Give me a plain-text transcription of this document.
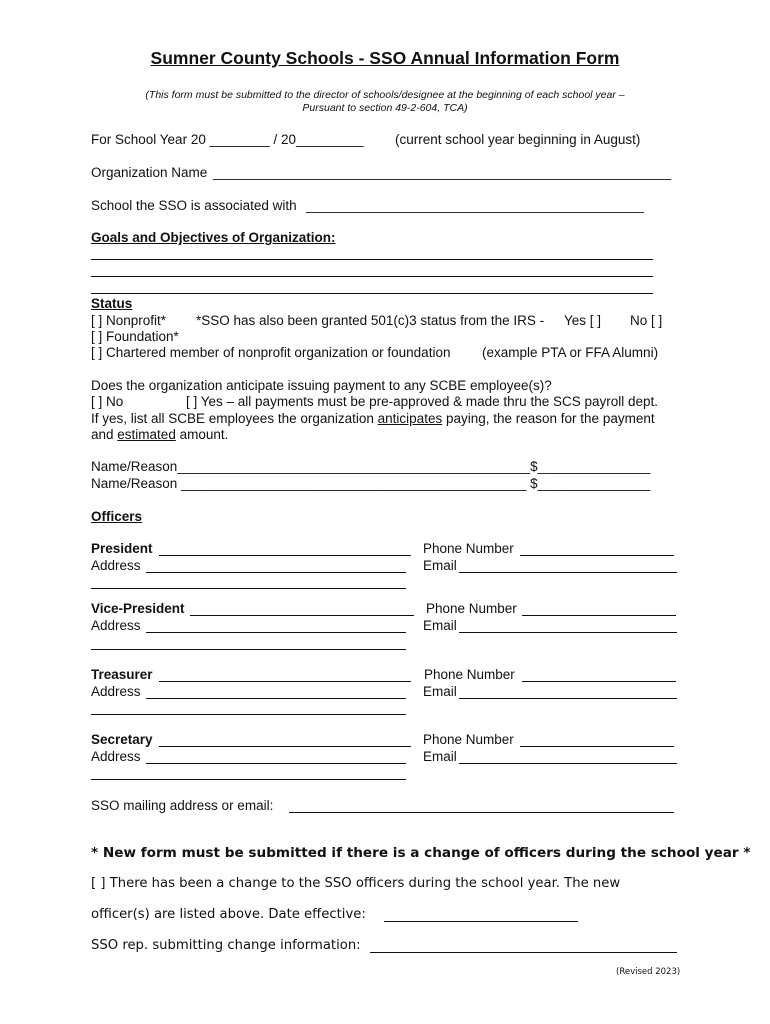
Sumner County Schools - SSO Annual Information Form
(This form must be submitted to the director of schools/designee at the beginning of each school year –
Pursuant to section 49-2-604, TCA)
For School Year 20 ________ / 20_________ (current school year beginning in August)
Organization Name _____________________________________________________________
School the SSO is associated with _____________________________________________
Goals and Objectives of Organization:
Status
[ ] Nonprofit* *SSO has also been granted 501(c)3 status from the IRS - Yes [ ] No [ ]
[ ] Foundation*
[ ] Chartered member of nonprofit organization or foundation (example PTA or FFA Alumni)
Does the organization anticipate issuing payment to any SCBE employee(s)?
[ ] No	[ ] Yes – all payments must be pre-approved & made thru the SCS payroll dept.
If yes, list all SCBE employees the organization anticipates paying, the reason for the payment
and estimated amount.
Name/Reason_______________________________________________$_______________
Name/Reason ______________________________________________ $_______________
Officers
President
Address
Phone Number
Email
Vice-President
Address
Phone Number
Email
Treasurer
Address
Phone Number
Email
Secretary
Address
Phone Number
Email
SSO mailing address or email:
* New form must be submitted if there is a change of officers during the school year *
[ ] There has been a change to the SSO officers during the school year. The new
officer(s) are listed above. Date effective:
SSO rep. submitting change information:
(Revised 2023)
